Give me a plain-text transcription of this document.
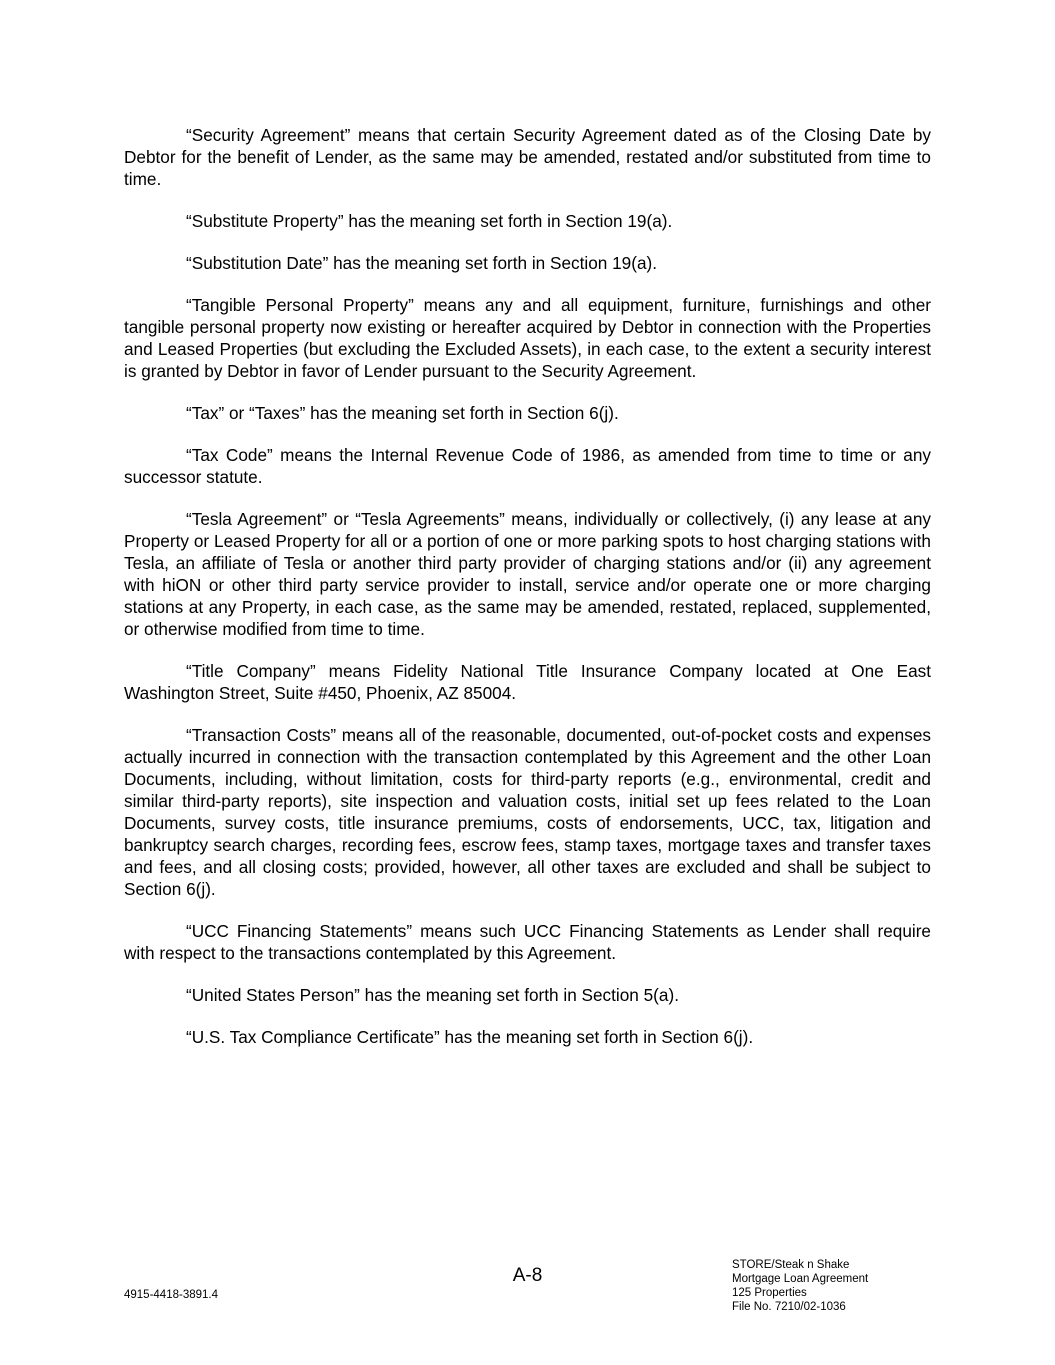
“Security Agreement” means that certain Security Agreement dated as of the Closing Date by Debtor for the benefit of Lender, as the same may be amended, restated and/or substituted from time to time.

“Substitute Property” has the meaning set forth in Section 19(a).

“Substitution Date” has the meaning set forth in Section 19(a).

“Tangible Personal Property” means any and all equipment, furniture, furnishings and other tangible personal property now existing or hereafter acquired by Debtor in connection with the Properties and Leased Properties (but excluding the Excluded Assets), in each case, to the extent a security interest is granted by Debtor in favor of Lender pursuant to the Security Agreement.

“Tax” or “Taxes” has the meaning set forth in Section 6(j).

“Tax Code” means the Internal Revenue Code of 1986, as amended from time to time or any successor statute.

“Tesla Agreement” or “Tesla Agreements” means, individually or collectively, (i) any lease at any Property or Leased Property for all or a portion of one or more parking spots to host charging stations with Tesla, an affiliate of Tesla or another third party provider of charging stations and/or (ii) any agreement with hiON or other third party service provider to install, service and/or operate one or more charging stations at any Property, in each case, as the same may be amended, restated, replaced, supplemented, or otherwise modified from time to time.

“Title Company” means Fidelity National Title Insurance Company located at One East Washington Street, Suite #450, Phoenix, AZ 85004.

“Transaction Costs” means all of the reasonable, documented, out-of-pocket costs and expenses actually incurred in connection with the transaction contemplated by this Agreement and the other Loan Documents, including, without limitation, costs for third-party reports (e.g., environmental, credit and similar third-party reports), site inspection and valuation costs, initial set up fees related to the Loan Documents, survey costs, title insurance premiums, costs of endorsements, UCC, tax, litigation and bankruptcy search charges, recording fees, escrow fees, stamp taxes, mortgage taxes and transfer taxes and fees, and all closing costs; provided, however, all other taxes are excluded and shall be subject to Section 6(j).

“UCC Financing Statements” means such UCC Financing Statements as Lender shall require with respect to the transactions contemplated by this Agreement.

“United States Person” has the meaning set forth in Section 5(a).

“U.S. Tax Compliance Certificate” has the meaning set forth in Section 6(j).

A-8
4915-4418-3891.4
STORE/Steak n Shake
Mortgage Loan Agreement
125 Properties
File No. 7210/02-1036
